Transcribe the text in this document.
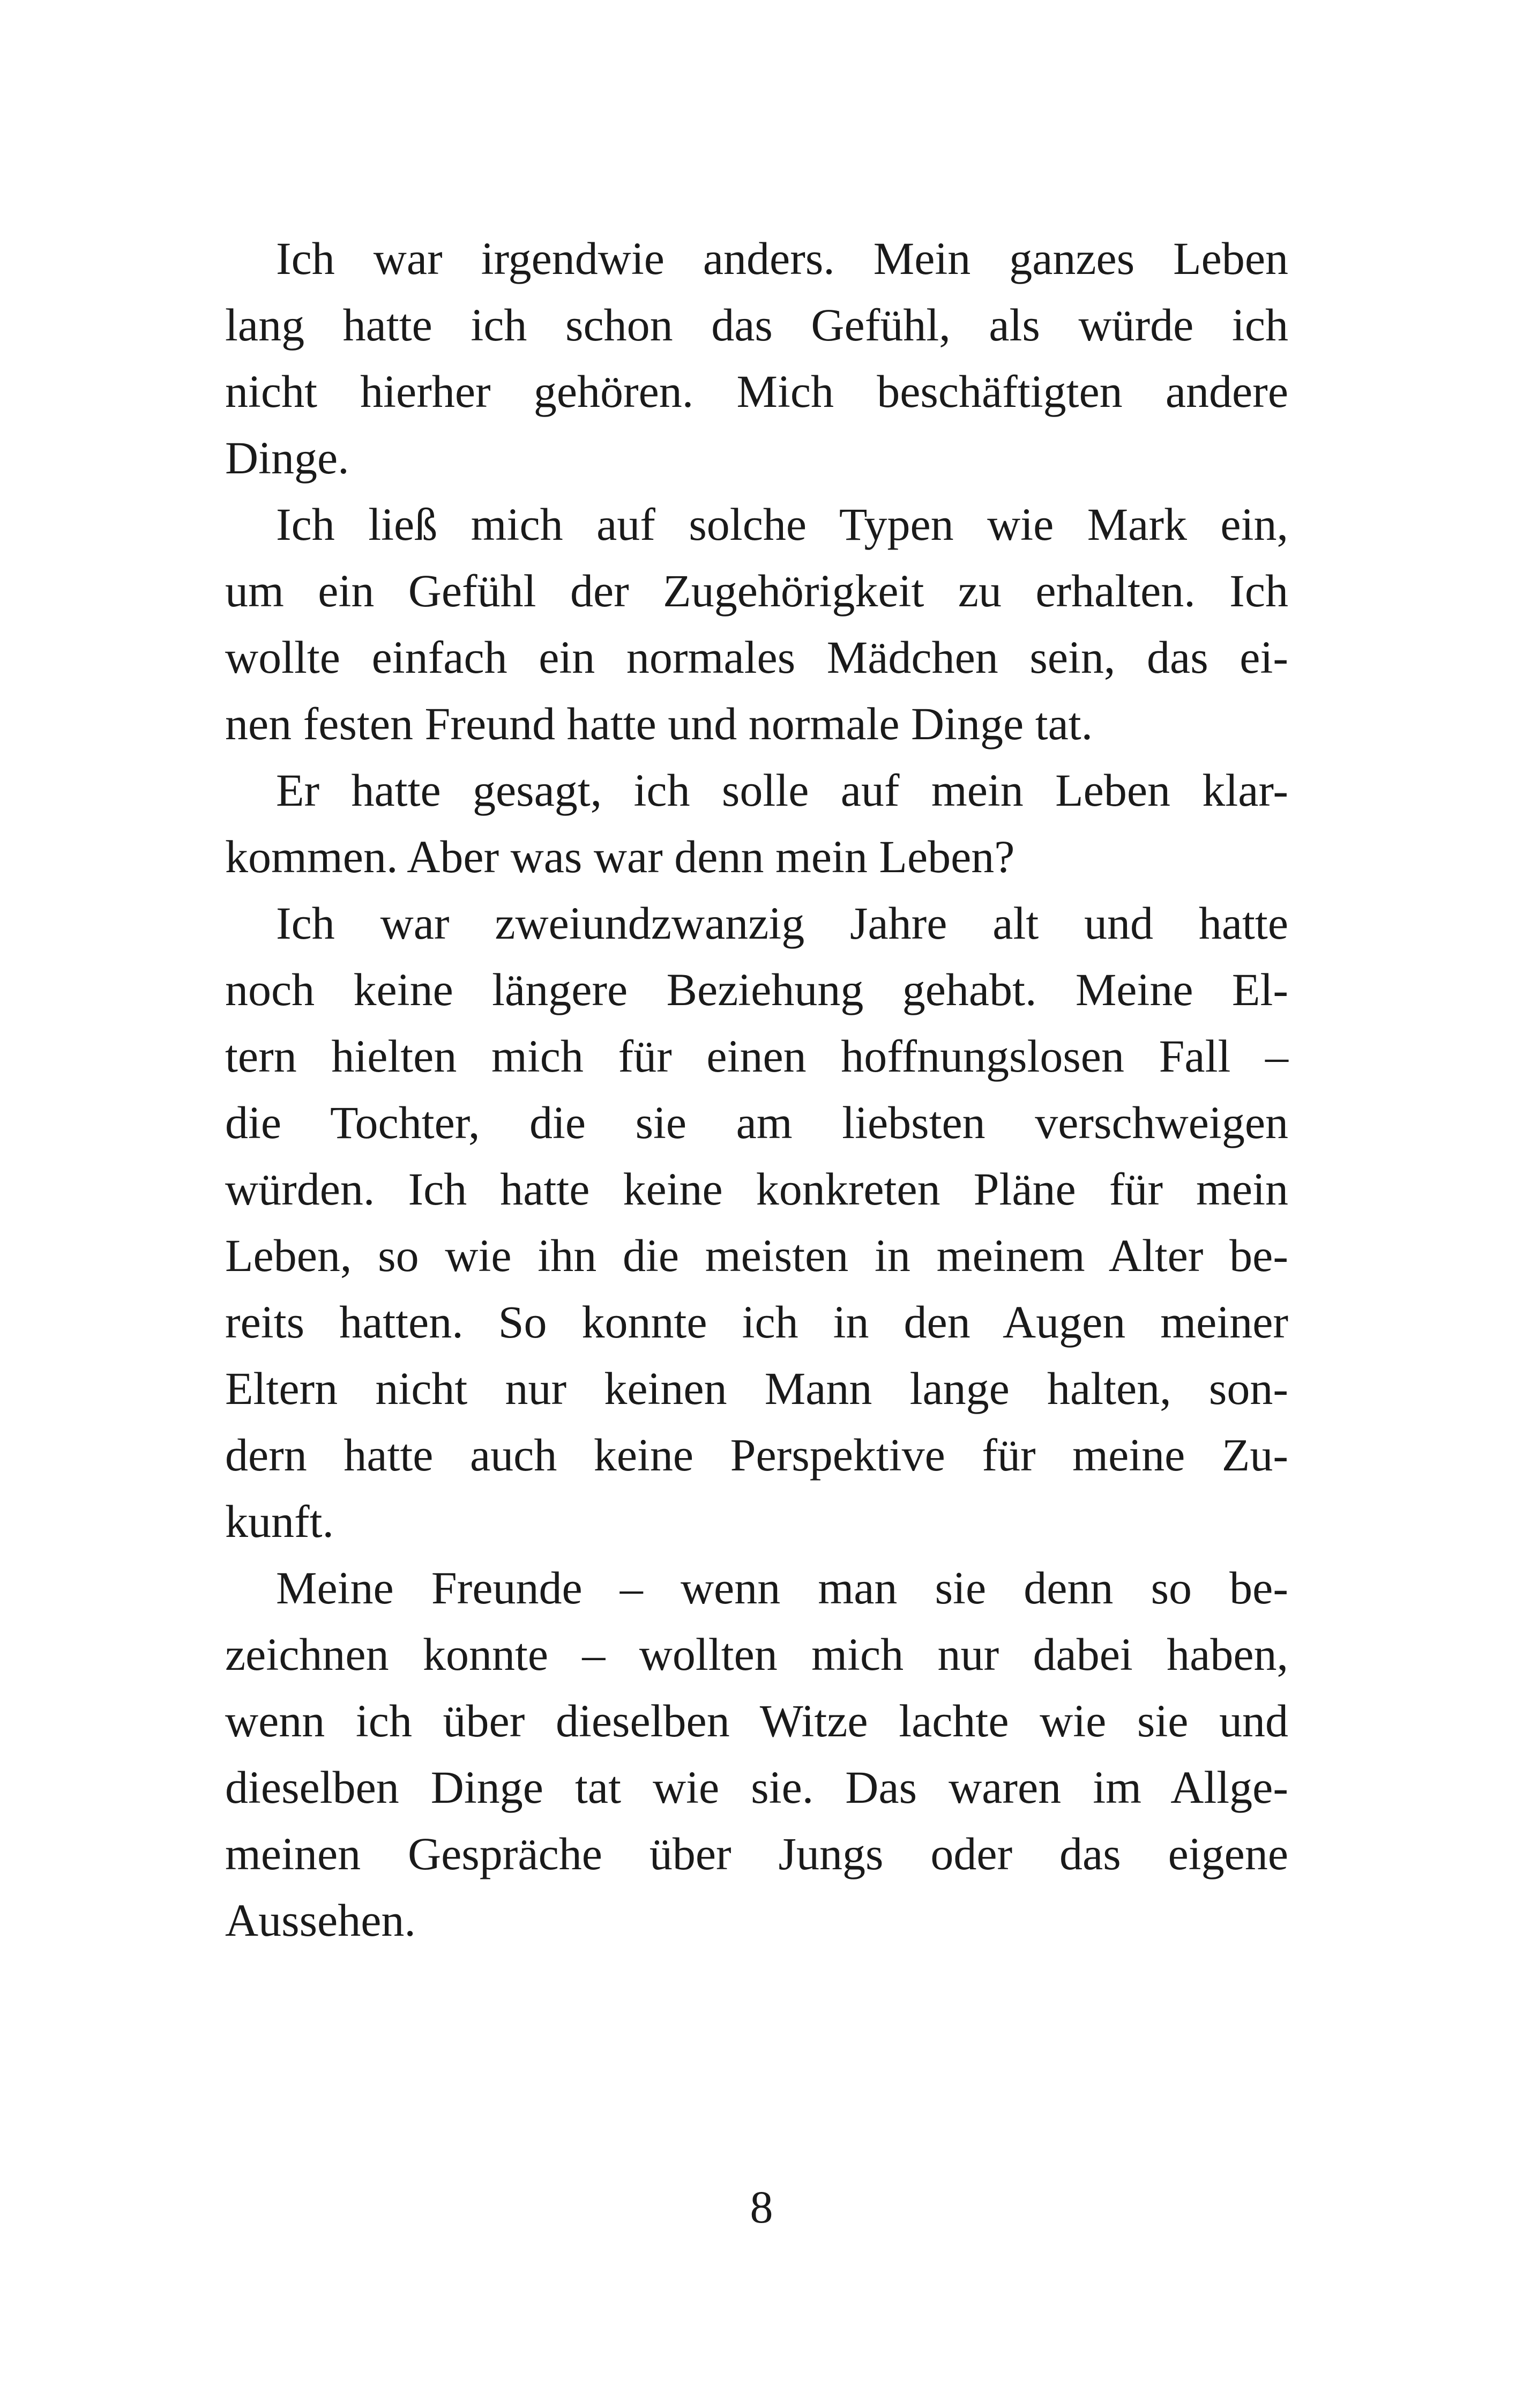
Ich war irgendwie anders. Mein ganzes Leben
lang hatte ich schon das Gefühl, als würde ich
nicht hierher gehören. Mich beschäftigten andere
Dinge.
Ich ließ mich auf solche Typen wie Mark ein,
um ein Gefühl der Zugehörigkeit zu erhalten. Ich
wollte einfach ein normales Mädchen sein, das ei-
nen festen Freund hatte und normale Dinge tat.
Er hatte gesagt, ich solle auf mein Leben klar-
kommen. Aber was war denn mein Leben?
Ich war zweiundzwanzig Jahre alt und hatte
noch keine längere Beziehung gehabt. Meine El-
tern hielten mich für einen hoffnungslosen Fall –
die Tochter, die sie am liebsten verschweigen
würden. Ich hatte keine konkreten Pläne für mein
Leben, so wie ihn die meisten in meinem Alter be-
reits hatten. So konnte ich in den Augen meiner
Eltern nicht nur keinen Mann lange halten, son-
dern hatte auch keine Perspektive für meine Zu-
kunft.
Meine Freunde – wenn man sie denn so be-
zeichnen konnte – wollten mich nur dabei haben,
wenn ich über dieselben Witze lachte wie sie und
dieselben Dinge tat wie sie. Das waren im Allge-
meinen Gespräche über Jungs oder das eigene
Aussehen.
8
